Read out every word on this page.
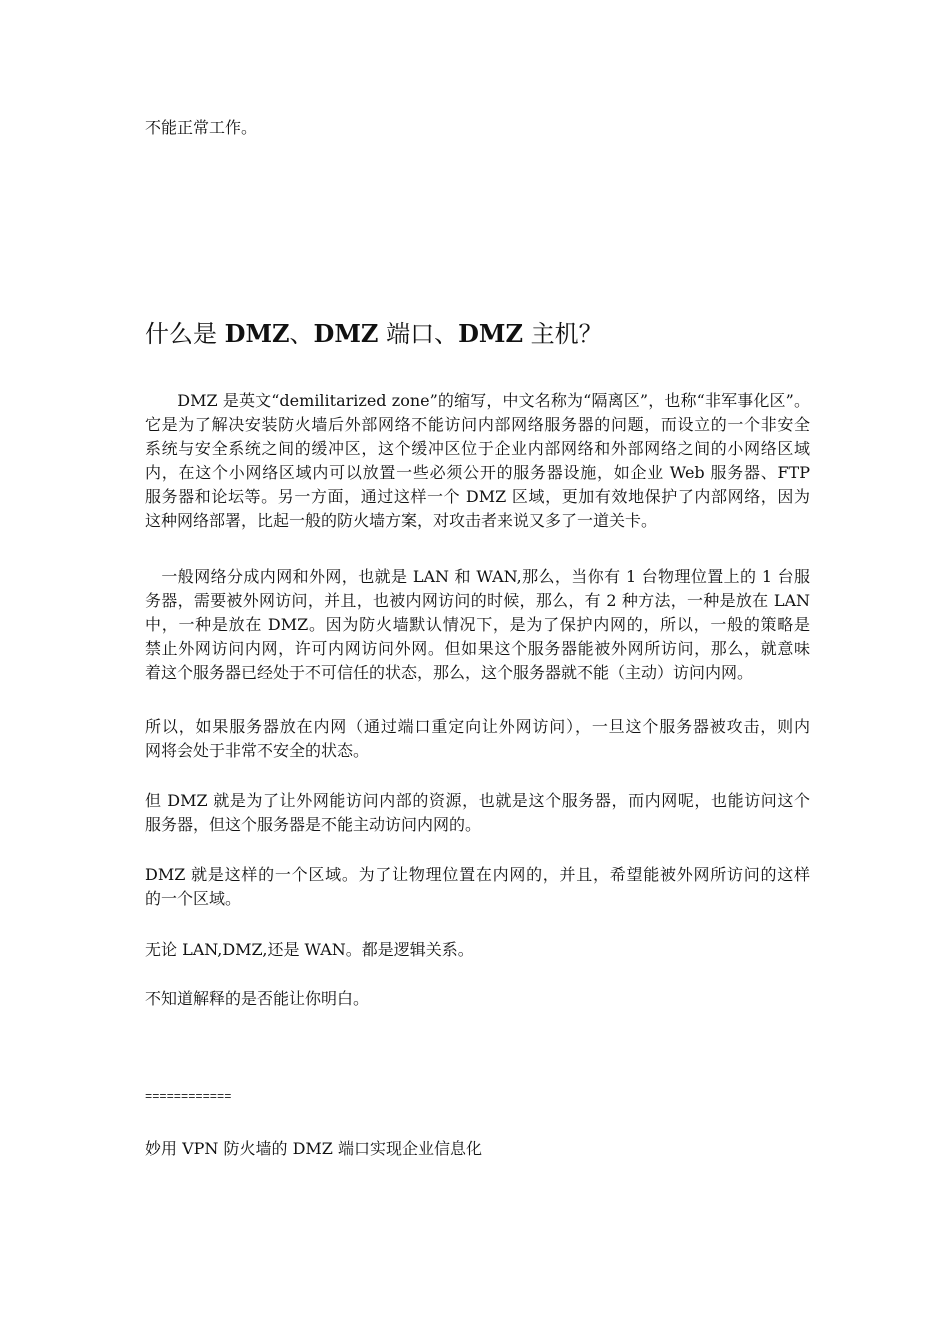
不能正常工作。
什么是 DMZ、DMZ 端口、DMZ 主机？
　　DMZ 是英文“demilitarized zone”的缩写，中文名称为“隔离区”，也称“非军事化区”。
它是为了解决安装防火墙后外部网络不能访问内部网络服务器的问题，而设立的一个非安全
系统与安全系统之间的缓冲区，这个缓冲区位于企业内部网络和外部网络之间的小网络区域
内，在这个小网络区域内可以放置一些必须公开的服务器设施，如企业 Web 服务器、FTP
服务器和论坛等。另一方面，通过这样一个 DMZ 区域，更加有效地保护了内部网络，因为
这种网络部署，比起一般的防火墙方案，对攻击者来说又多了一道关卡。
　一般网络分成内网和外网，也就是 LAN 和 WAN,那么，当你有 1 台物理位置上的 1 台服
务器，需要被外网访问，并且，也被内网访问的时候，那么，有 2 种方法，一种是放在 LAN
中，一种是放在 DMZ。因为防火墙默认情况下，是为了保护内网的，所以，一般的策略是
禁止外网访问内网，许可内网访问外网。但如果这个服务器能被外网所访问，那么，就意味
着这个服务器已经处于不可信任的状态，那么，这个服务器就不能（主动）访问内网。
所以，如果服务器放在内网（通过端口重定向让外网访问），一旦这个服务器被攻击，则内
网将会处于非常不安全的状态。
但 DMZ 就是为了让外网能访问内部的资源，也就是这个服务器，而内网呢，也能访问这个
服务器，但这个服务器是不能主动访问内网的。
DMZ 就是这样的一个区域。为了让物理位置在内网的，并且，希望能被外网所访问的这样
的一个区域。
无论 LAN,DMZ,还是 WAN。都是逻辑关系。
不知道解释的是否能让你明白。
============
妙用 VPN 防火墙的 DMZ 端口实现企业信息化
